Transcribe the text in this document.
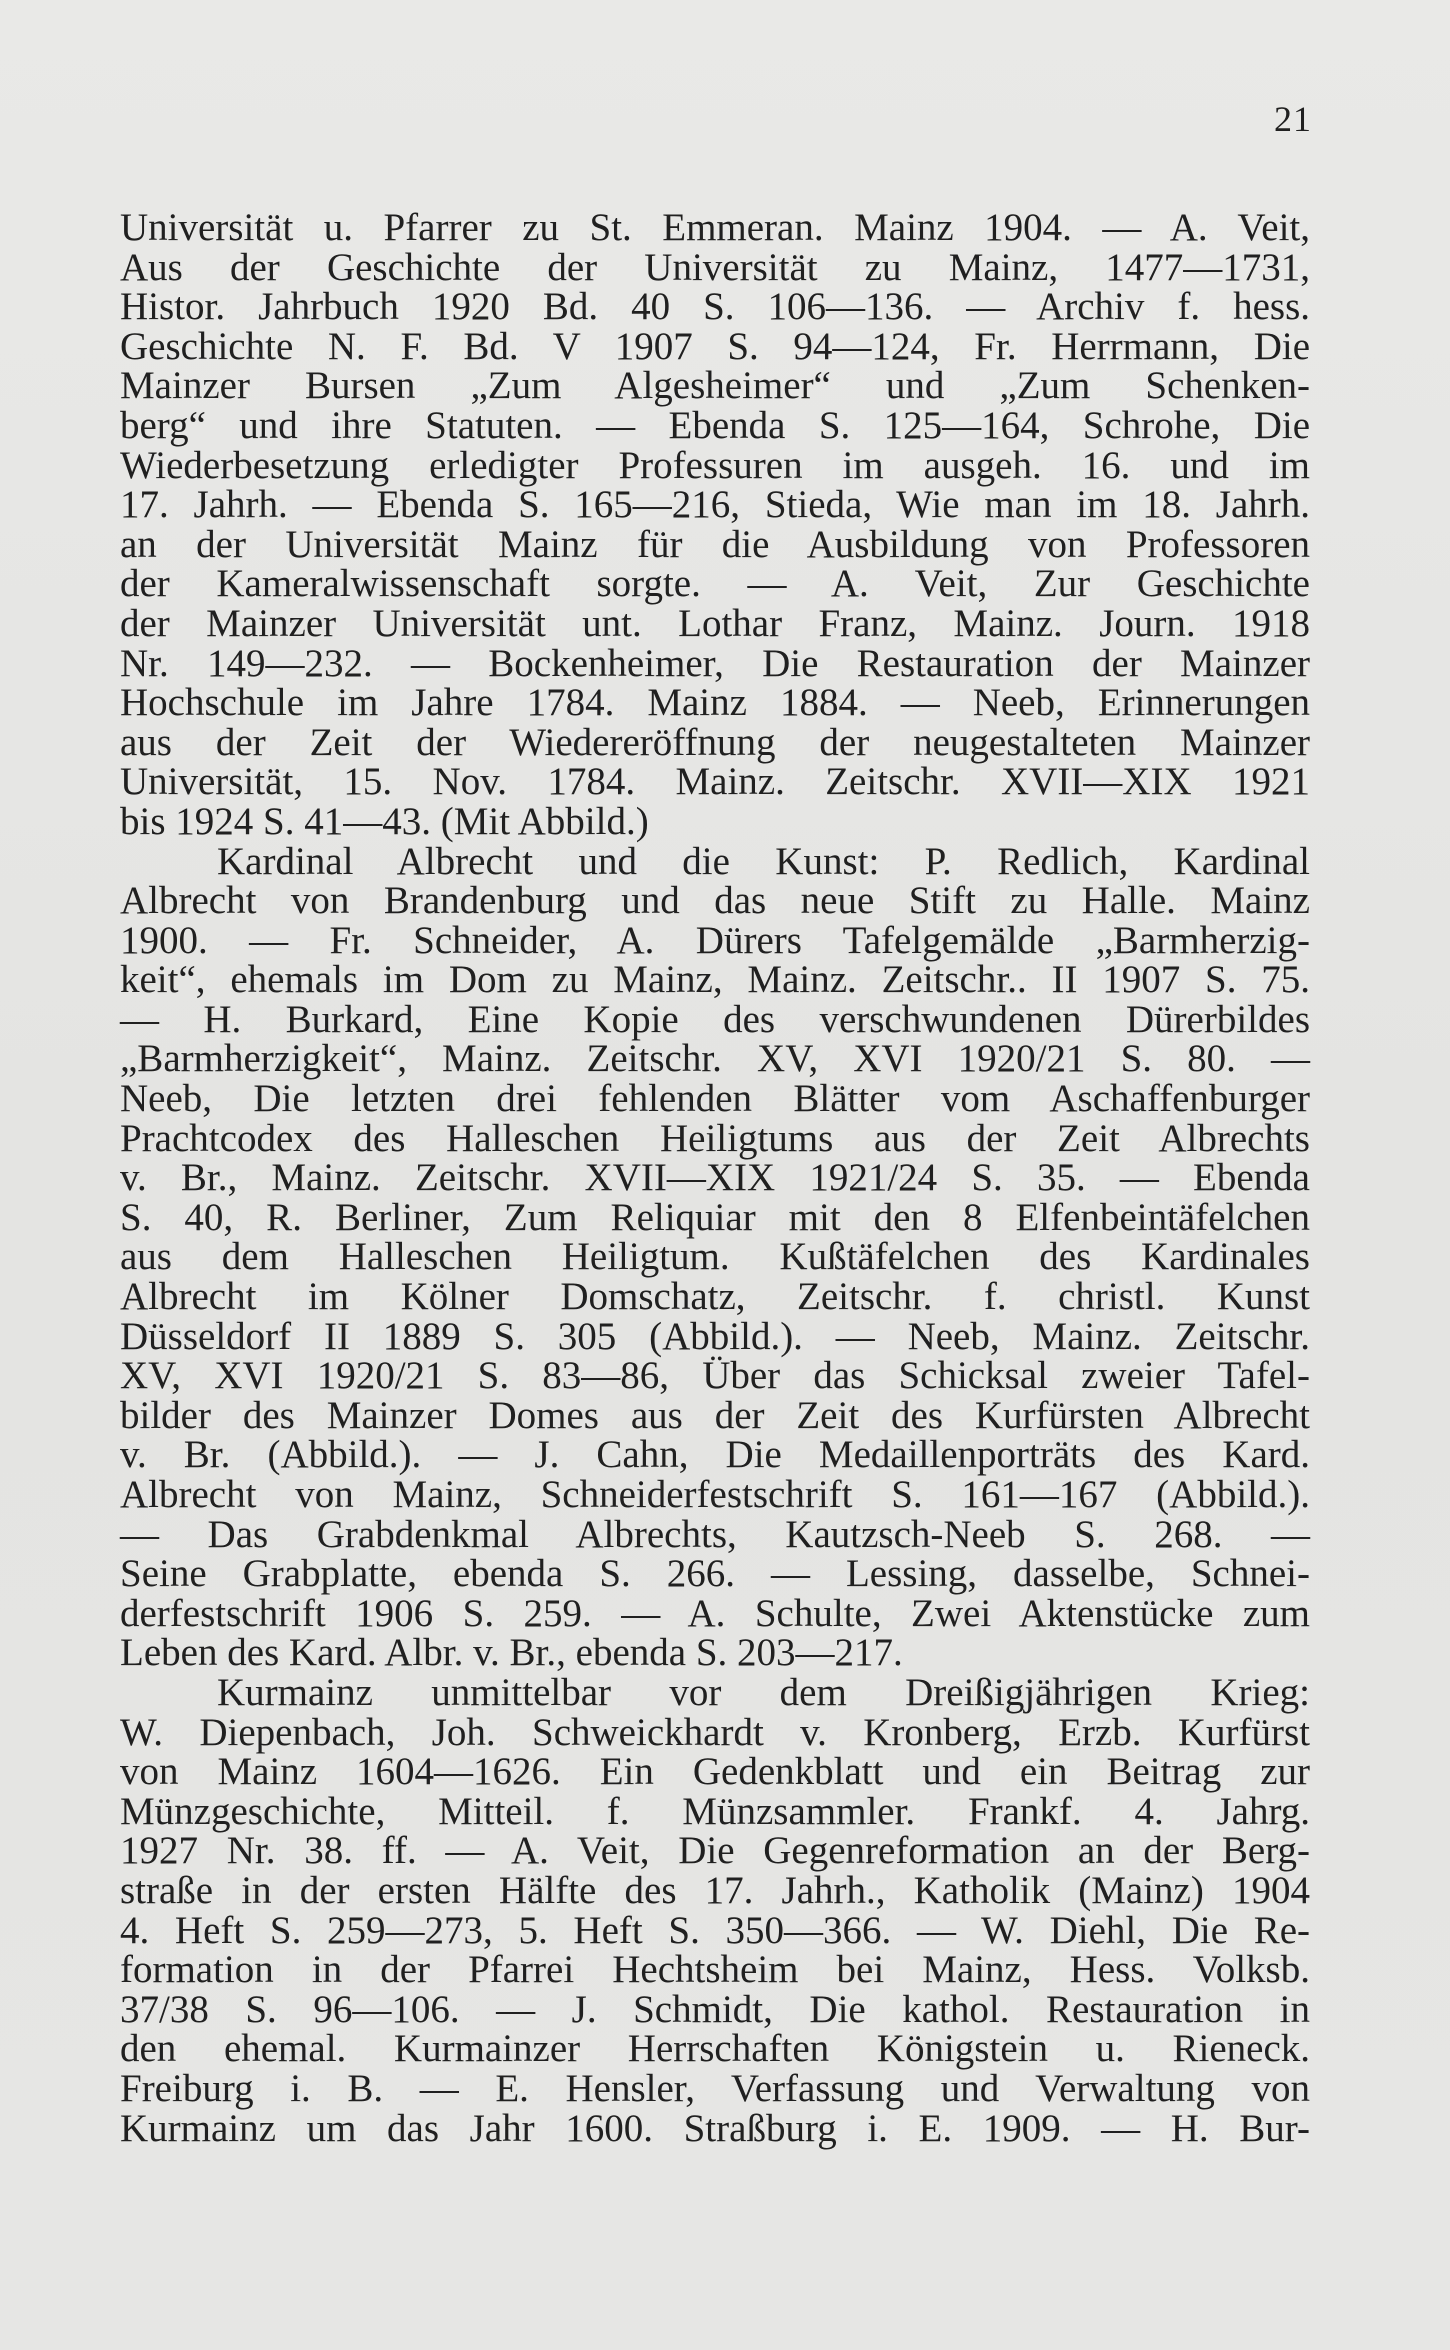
21
Universität u. Pfarrer zu St. Emmeran. Mainz 1904. — A. Veit,
Aus der Geschichte der Universität zu Mainz, 1477—1731,
Histor. Jahrbuch 1920 Bd. 40 S. 106—136. — Archiv f. hess.
Geschichte N. F. Bd. V 1907 S. 94—124, Fr. Herrmann, Die
Mainzer Bursen „Zum Algesheimer“ und „Zum Schenken-
berg“ und ihre Statuten. — Ebenda S. 125—164, Schrohe, Die
Wiederbesetzung erledigter Professuren im ausgeh. 16. und im
17. Jahrh. — Ebenda S. 165—216, Stieda, Wie man im 18. Jahrh.
an der Universität Mainz für die Ausbildung von Professoren
der Kameralwissenschaft sorgte. — A. Veit, Zur Geschichte
der Mainzer Universität unt. Lothar Franz, Mainz. Journ. 1918
Nr. 149—232. — Bockenheimer, Die Restauration der Mainzer
Hochschule im Jahre 1784. Mainz 1884. — Neeb, Erinnerungen
aus der Zeit der Wiedereröffnung der neugestalteten Mainzer
Universität, 15. Nov. 1784. Mainz. Zeitschr. XVII—XIX 1921
bis 1924 S. 41—43. (Mit Abbild.)
Kardinal Albrecht und die Kunst: P. Redlich, Kardinal
Albrecht von Brandenburg und das neue Stift zu Halle. Mainz
1900. — Fr. Schneider, A. Dürers Tafelgemälde „Barmherzig-
keit“, ehemals im Dom zu Mainz, Mainz. Zeitschr.. II 1907 S. 75.
— H. Burkard, Eine Kopie des verschwundenen Dürerbildes
„Barmherzigkeit“, Mainz. Zeitschr. XV, XVI 1920/21 S. 80. —
Neeb, Die letzten drei fehlenden Blätter vom Aschaffenburger
Prachtcodex des Halleschen Heiligtums aus der Zeit Albrechts
v. Br., Mainz. Zeitschr. XVII—XIX 1921/24 S. 35. — Ebenda
S. 40, R. Berliner, Zum Reliquiar mit den 8 Elfenbeintäfelchen
aus dem Halleschen Heiligtum. Kußtäfelchen des Kardinales
Albrecht im Kölner Domschatz, Zeitschr. f. christl. Kunst
Düsseldorf II 1889 S. 305 (Abbild.). — Neeb, Mainz. Zeitschr.
XV, XVI 1920/21 S. 83—86, Über das Schicksal zweier Tafel-
bilder des Mainzer Domes aus der Zeit des Kurfürsten Albrecht
v. Br. (Abbild.). — J. Cahn, Die Medaillenporträts des Kard.
Albrecht von Mainz, Schneiderfestschrift S. 161—167 (Abbild.).
— Das Grabdenkmal Albrechts, Kautzsch-Neeb S. 268. —
Seine Grabplatte, ebenda S. 266. — Lessing, dasselbe, Schnei-
derfestschrift 1906 S. 259. — A. Schulte, Zwei Aktenstücke zum
Leben des Kard. Albr. v. Br., ebenda S. 203—217.
Kurmainz unmittelbar vor dem Dreißigjährigen Krieg:
W. Diepenbach, Joh. Schweickhardt v. Kronberg, Erzb. Kurfürst
von Mainz 1604—1626. Ein Gedenkblatt und ein Beitrag zur
Münzgeschichte, Mitteil. f. Münzsammler. Frankf. 4. Jahrg.
1927 Nr. 38. ff. — A. Veit, Die Gegenreformation an der Berg-
straße in der ersten Hälfte des 17. Jahrh., Katholik (Mainz) 1904
4. Heft S. 259—273, 5. Heft S. 350—366. — W. Diehl, Die Re-
formation in der Pfarrei Hechtsheim bei Mainz, Hess. Volksb.
37/38 S. 96—106. — J. Schmidt, Die kathol. Restauration in
den ehemal. Kurmainzer Herrschaften Königstein u. Rieneck.
Freiburg i. B. — E. Hensler, Verfassung und Verwaltung von
Kurmainz um das Jahr 1600. Straßburg i. E. 1909. — H. Bur-
